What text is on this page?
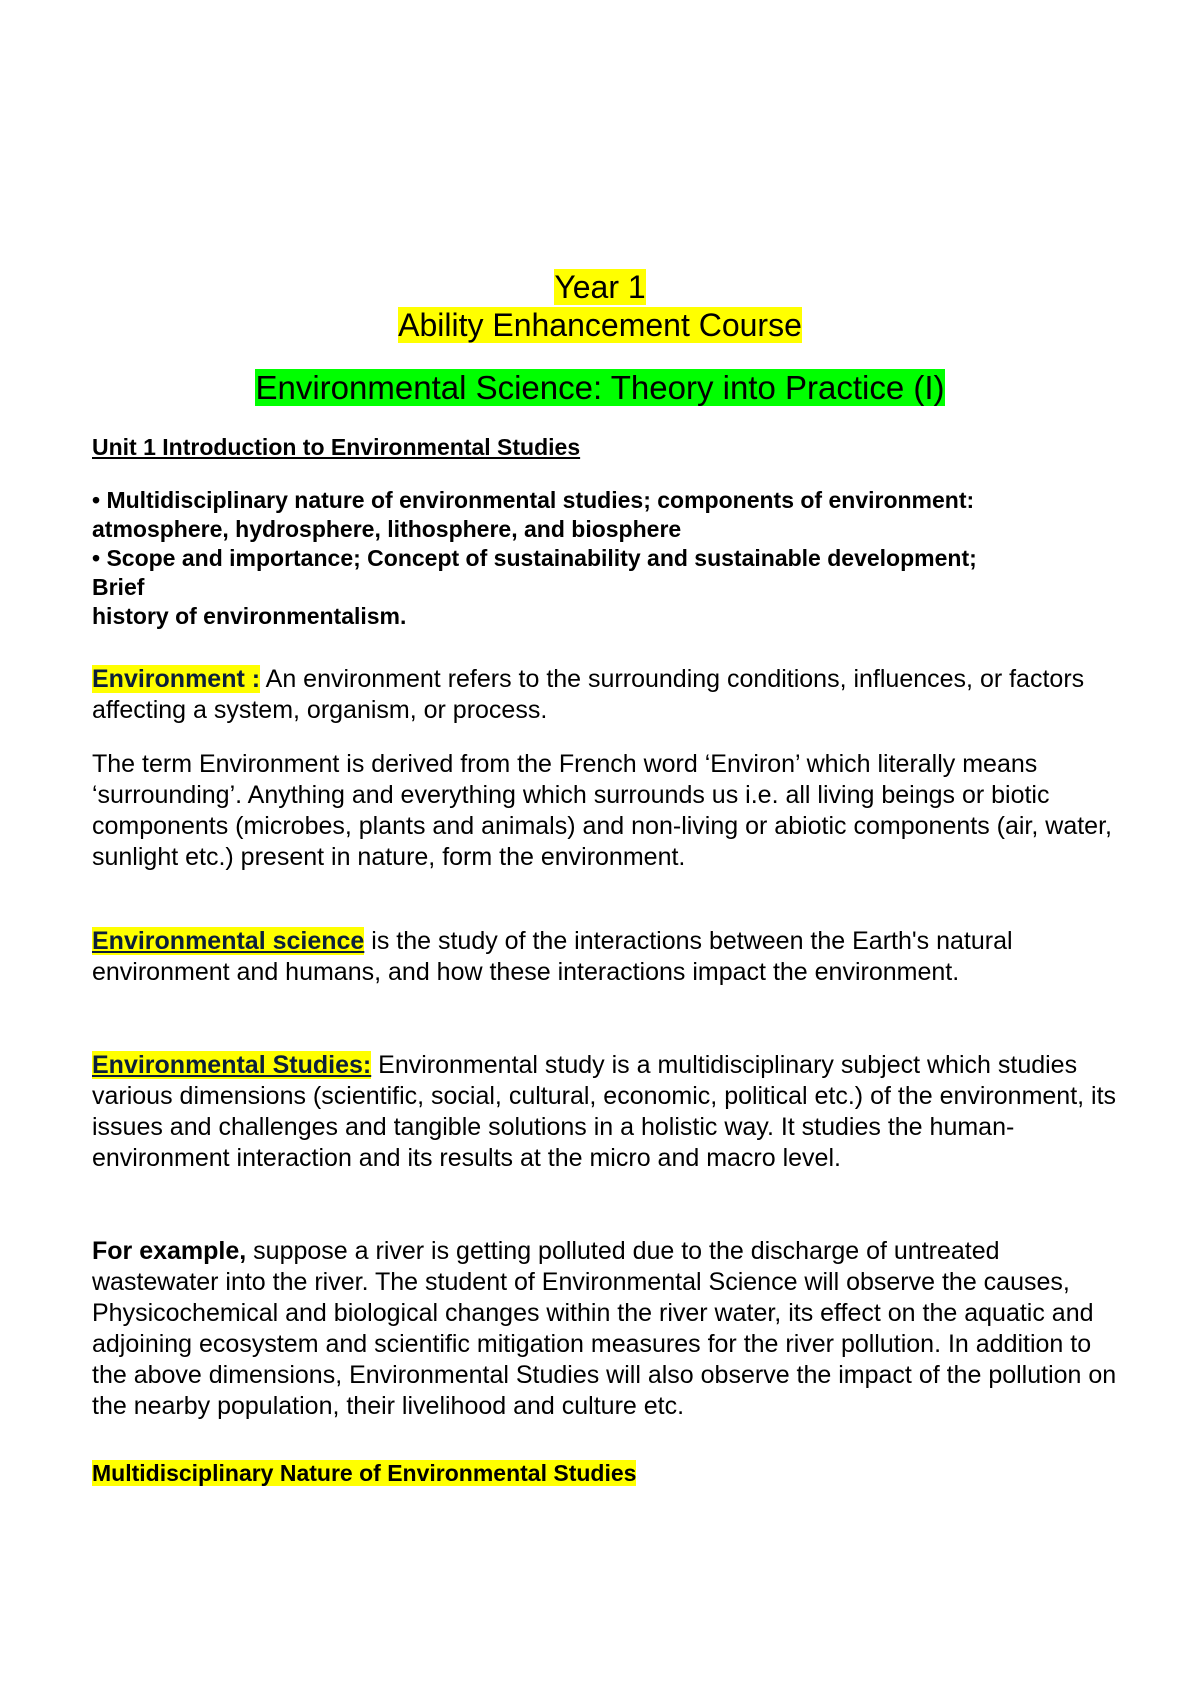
Year 1
Ability Enhancement Course
Environmental Science: Theory into Practice (I)
Unit 1 Introduction to Environmental Studies

• Multidisciplinary nature of environmental studies; components of environment:

atmosphere, hydrosphere, lithosphere, and biosphere

• Scope and importance; Concept of sustainability and sustainable development;

Brief

history of environmentalism.

Environment : An environment refers to the surrounding conditions, influences, or factors affecting a system, organism, or process.

The term Environment is derived from the French word ‘Environ’ which literally means ‘surrounding’. Anything and everything which surrounds us i.e. all living beings or biotic components (microbes, plants and animals) and non-living or abiotic components (air, water, sunlight etc.) present in nature, form the environment.

Environmental science is the study of the interactions between the Earth's natural environment and humans, and how these interactions impact the environment.

Environmental Studies: Environmental study is a multidisciplinary subject which studies various dimensions (scientific, social, cultural, economic, political etc.) of the environment, its issues and challenges and tangible solutions in a holistic way. It studies the human-environment interaction and its results at the micro and macro level.

For example, suppose a river is getting polluted due to the discharge of untreated wastewater into the river. The student of Environmental Science will observe the causes, Physicochemical and biological changes within the river water, its effect on the aquatic and adjoining ecosystem and scientific mitigation measures for the river pollution. In addition to the above dimensions, Environmental Studies will also observe the impact of the pollution on the nearby population, their livelihood and culture etc.

Multidisciplinary Nature of Environmental Studies
